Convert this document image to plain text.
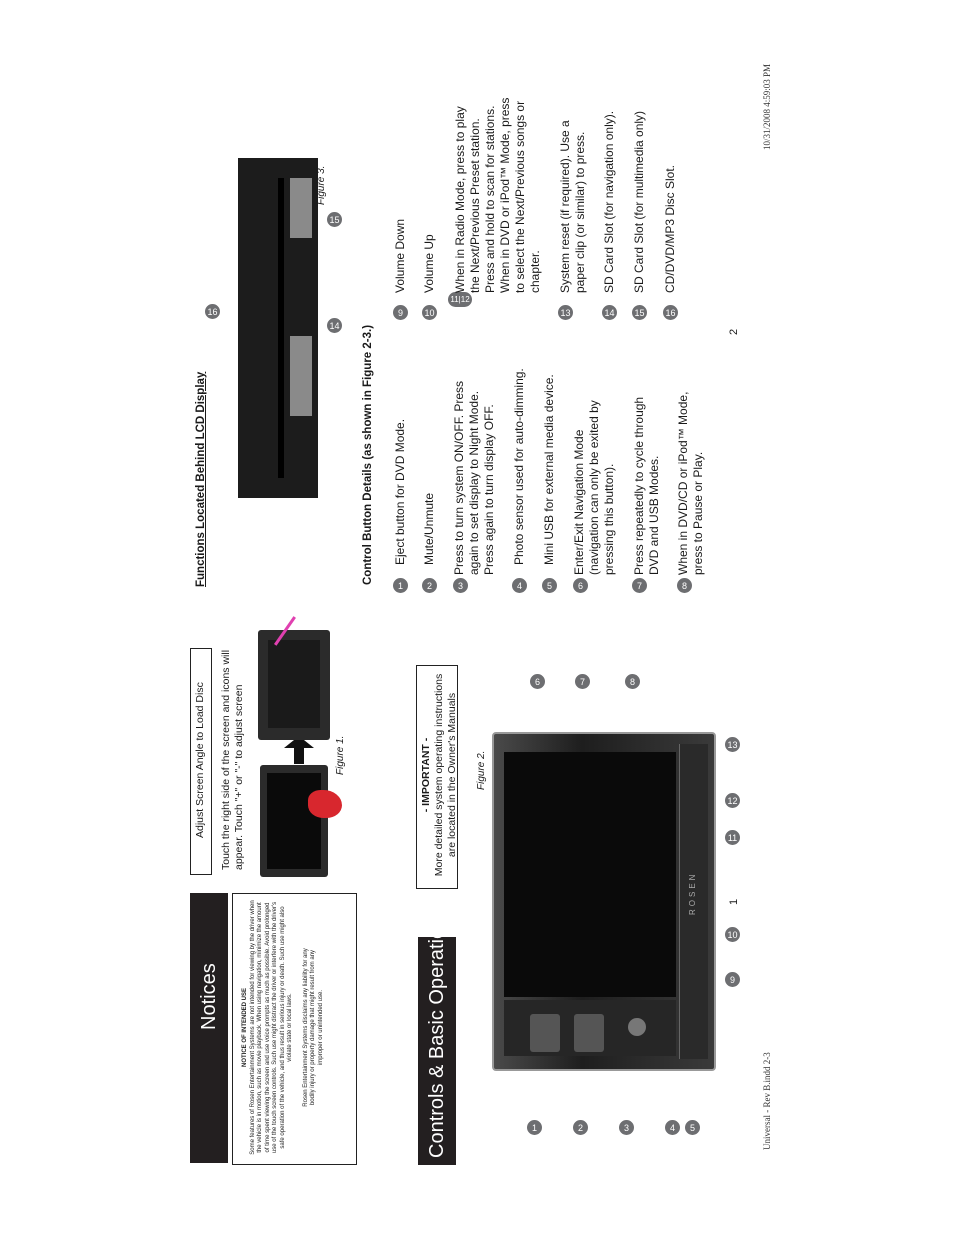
Universal - Rev B.indd 2-3
1
Notices	NOTICE OF INTENDED USE Some features of Rosen Entertainment Systems are not intended for viewing by the driver when the vehicle is in motion, such as movie playback. When using navigation, minimize the amount of time spent viewing the screen and use voice prompts as much as possible. Avoid prolonged use of the touch screen controls. Such use might distract the driver or interfere with the driver's safe operation of the vehicle, and thus result in serious injury or death. Such use might also violate state or local laws. Rosen Entertainment Systems disclaims any liability for any bodily injury or property damage that might result from any improper or unintended use.
Adjust Screen Angle to Load Disc Touch the right side of the screen and icons will appear. Touch "+" or "-" to adjust screen	Figure 1.
Controls & Basic Operations
- IMPORTANT - More detailed system operating instructions are located in the Owner's Manuals Figure 2.
ROSEN
1	2	3	4	5
6	7	8
9
10
11
12
13
Functions Located Behind LCD Display
Figure 3.
14
15
16
Control Button Details (as shown in Figure 2-3.)
1
Eject button for DVD Mode.
2
Mute/Unmute
3
Press to turn system ON/OFF. Press again to set display to Night Mode. Press again to turn display OFF.
4
Photo sensor used for auto-dimming.
5
Mini USB for external media device.
6
Enter/Exit Navigation Mode (navigation can only be exited by pressing this button).
7
Press repeatedly to cycle through DVD and USB Modes.
8
When in DVD/CD or iPod™ Mode, press to Pause or Play.
9
Volume Down
10
Volume Up
11|12
When in Radio Mode, press to play the Next/Previous Preset station. Press and hold to scan for stations. When in DVD or iPod™ Mode, press to select the Next/Previous songs or chapter.
13
System reset (if required). Use a paper clip (or similar) to press.
14
SD Card Slot (for navigation only).
15
SD Card Slot (for multimedia only)
16
CD/DVD/MP3 Disc Slot.
2
10/31/2008 4:59:03 PM
